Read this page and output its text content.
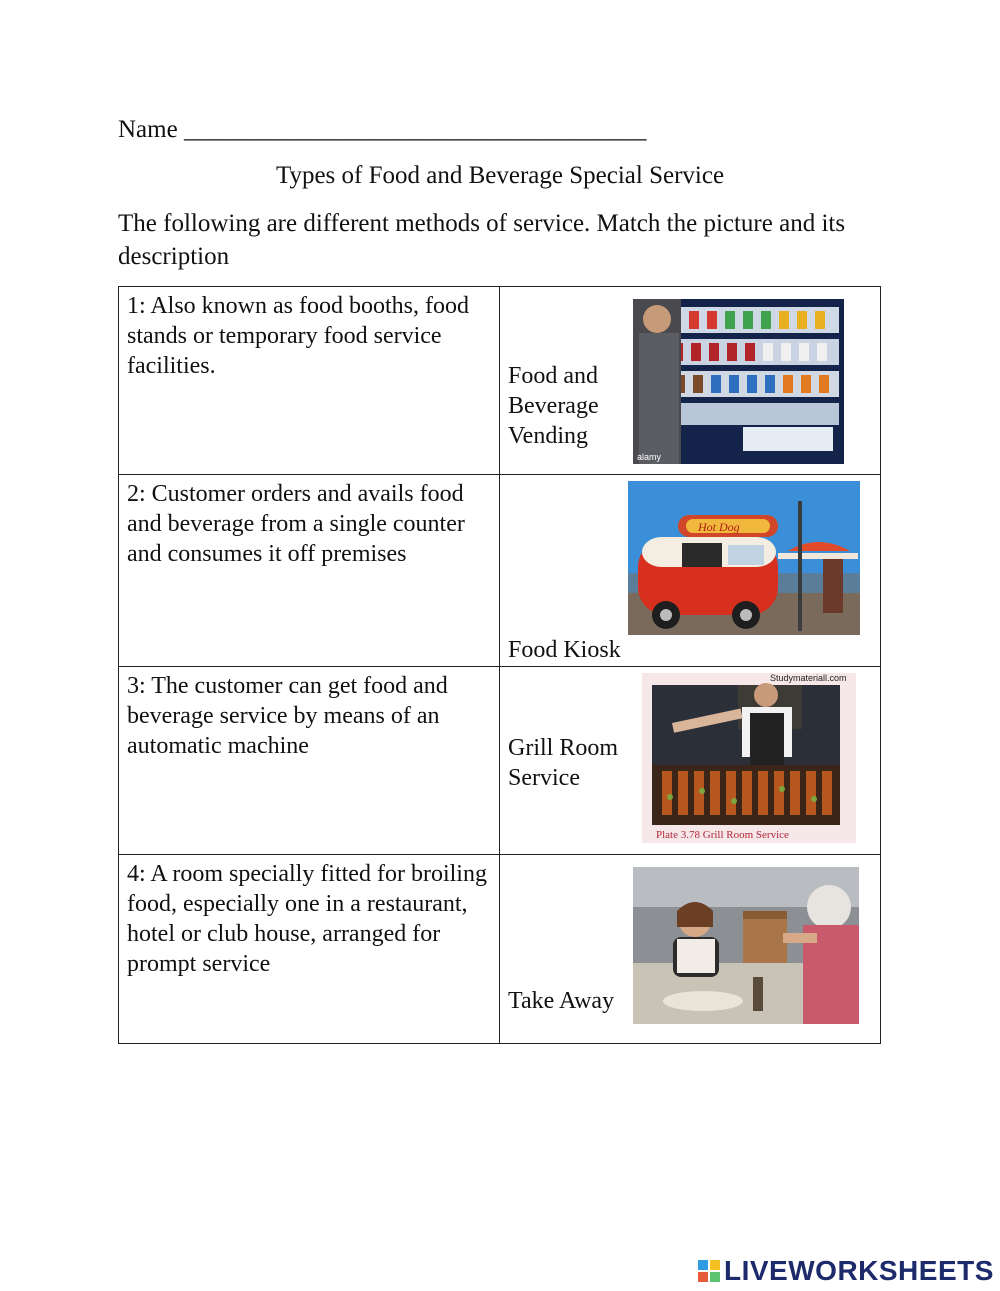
Name _____________________________________
Types of Food and Beverage Special Service
The following are different methods of service. Match the picture and its description
1: Also known as food booths, food stands or temporary food service facilities.	Food and Beverage Vending
alamy

2: Customer orders and avails food and beverage from a single counter and consumes it off premises	Hot Dog
Food Kiosk

3: The customer can get food and beverage service by means of an automatic machine	Grill Room Service
Studymateriall.com
Plate 3.78 Grill Room Service

4: A room specially fitted for broiling food, especially one in a restaurant, hotel or club house, arranged for prompt service	Take Away
LIVEWORKSHEETS
